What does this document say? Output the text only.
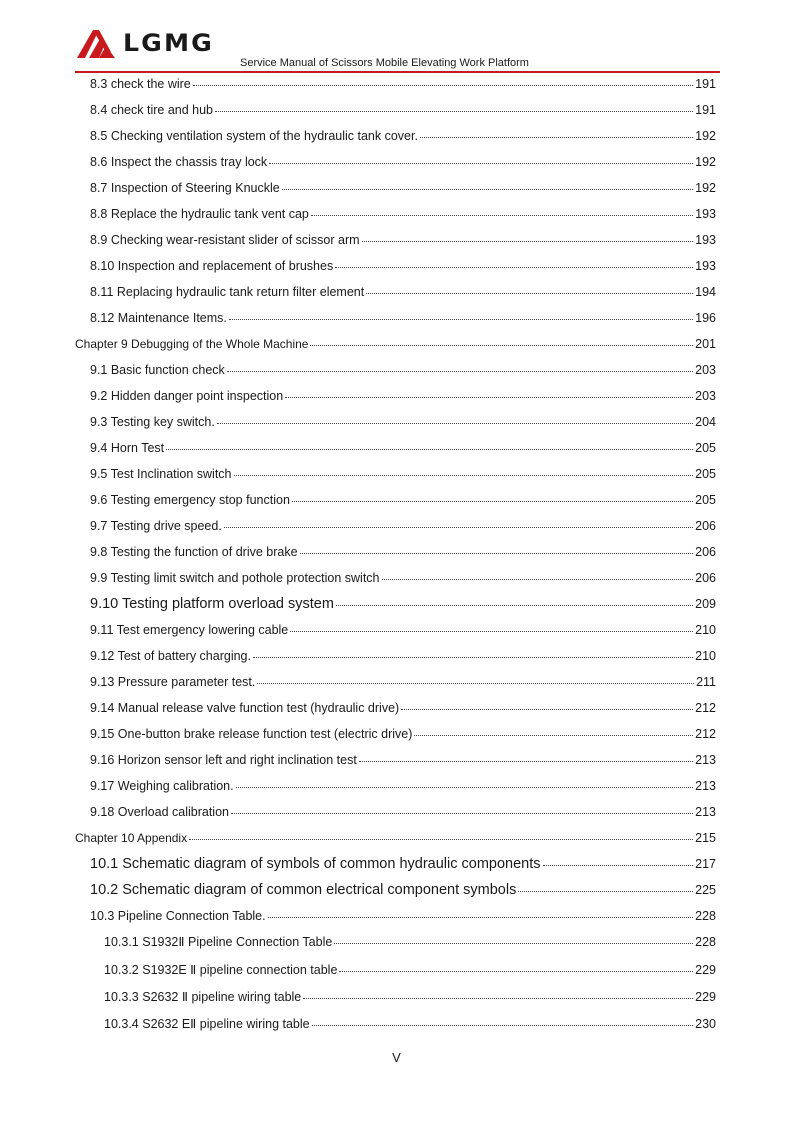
LGMG
Service Manual of Scissors Mobile Elevating Work Platform
8.3 check the wire	191
8.4 check tire and hub	191
8.5 Checking ventilation system of the hydraulic tank cover.	192
8.6 Inspect the chassis tray lock	192
8.7 Inspection of Steering Knuckle	192
8.8 Replace the hydraulic tank vent cap	193
8.9 Checking wear-resistant slider of scissor arm	193
8.10 Inspection and replacement of brushes	193
8.11 Replacing hydraulic tank return filter element	194
8.12 Maintenance Items.	196
Chapter 9 Debugging of the Whole Machine	201
9.1 Basic function check	203
9.2 Hidden danger point inspection	203
9.3 Testing key switch.	204
9.4 Horn Test	205
9.5 Test Inclination switch	205
9.6 Testing emergency stop function	205
9.7 Testing drive speed.	206
9.8 Testing the function of drive brake	206
9.9 Testing limit switch and pothole protection switch	206
9.10 Testing platform overload system	209
9.11 Test emergency lowering cable	210
9.12 Test of battery charging.	210
9.13 Pressure parameter test.	211
9.14 Manual release valve function test (hydraulic drive)	212
9.15 One-button brake release function test (electric drive)	212
9.16 Horizon sensor left and right inclination test	213
9.17 Weighing calibration.	213
9.18 Overload calibration	213
Chapter 10 Appendix	215
10.1 Schematic diagram of symbols of common hydraulic components	217
10.2 Schematic diagram of common electrical component symbols	225
10.3 Pipeline Connection Table.	228
10.3.1 S1932Ⅱ Pipeline Connection Table	228
10.3.2 S1932E Ⅱ pipeline connection table	229
10.3.3 S2632 Ⅱ pipeline wiring table	229
10.3.4 S2632 EⅡ pipeline wiring table	230
V
